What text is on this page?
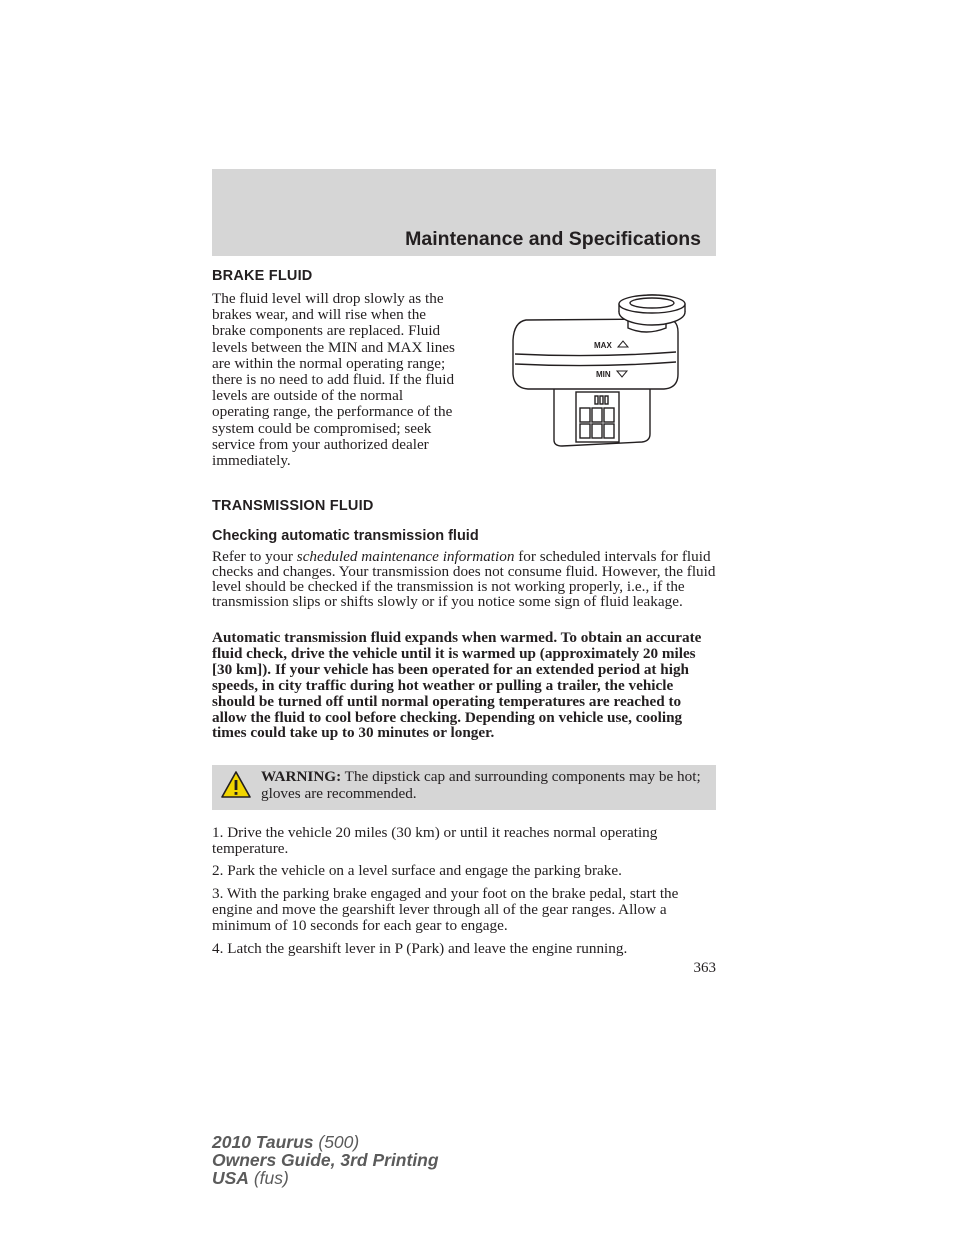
Maintenance and Specifications
BRAKE FLUID

The fluid level will drop slowly as the brakes wear, and will rise when the brake components are replaced. Fluid levels between the MIN and MAX lines are within the normal operating range; there is no need to add fluid. If the fluid levels are outside of the normal operating range, the performance of the system could be compromised; seek service from your authorized dealer immediately.

MAX
MIN
TRANSMISSION FLUID
Checking automatic transmission fluid

Refer to your scheduled maintenance information for scheduled intervals for fluid checks and changes. Your transmission does not consume fluid. However, the fluid level should be checked if the transmission is not working properly, i.e., if the transmission slips or shifts slowly or if you notice some sign of fluid leakage.

Automatic transmission fluid expands when warmed. To obtain an accurate fluid check, drive the vehicle until it is warmed up (approximately 20 miles [30 km]). If your vehicle has been operated for an extended period at high speeds, in city traffic during hot weather or pulling a trailer, the vehicle should be turned off until normal operating temperatures are reached to allow the fluid to cool before checking. Depending on vehicle use, cooling times could take up to 30 minutes or longer.

WARNING: The dipstick cap and surrounding components may be hot; gloves are recommended.

1. Drive the vehicle 20 miles (30 km) or until it reaches normal operating temperature.

2. Park the vehicle on a level surface and engage the parking brake.

3. With the parking brake engaged and your foot on the brake pedal, start the engine and move the gearshift lever through all of the gear ranges. Allow a minimum of 10 seconds for each gear to engage.

4. Latch the gearshift lever in P (Park) and leave the engine running.

363

2010 Taurus (500)
Owners Guide, 3rd Printing
USA (fus)
